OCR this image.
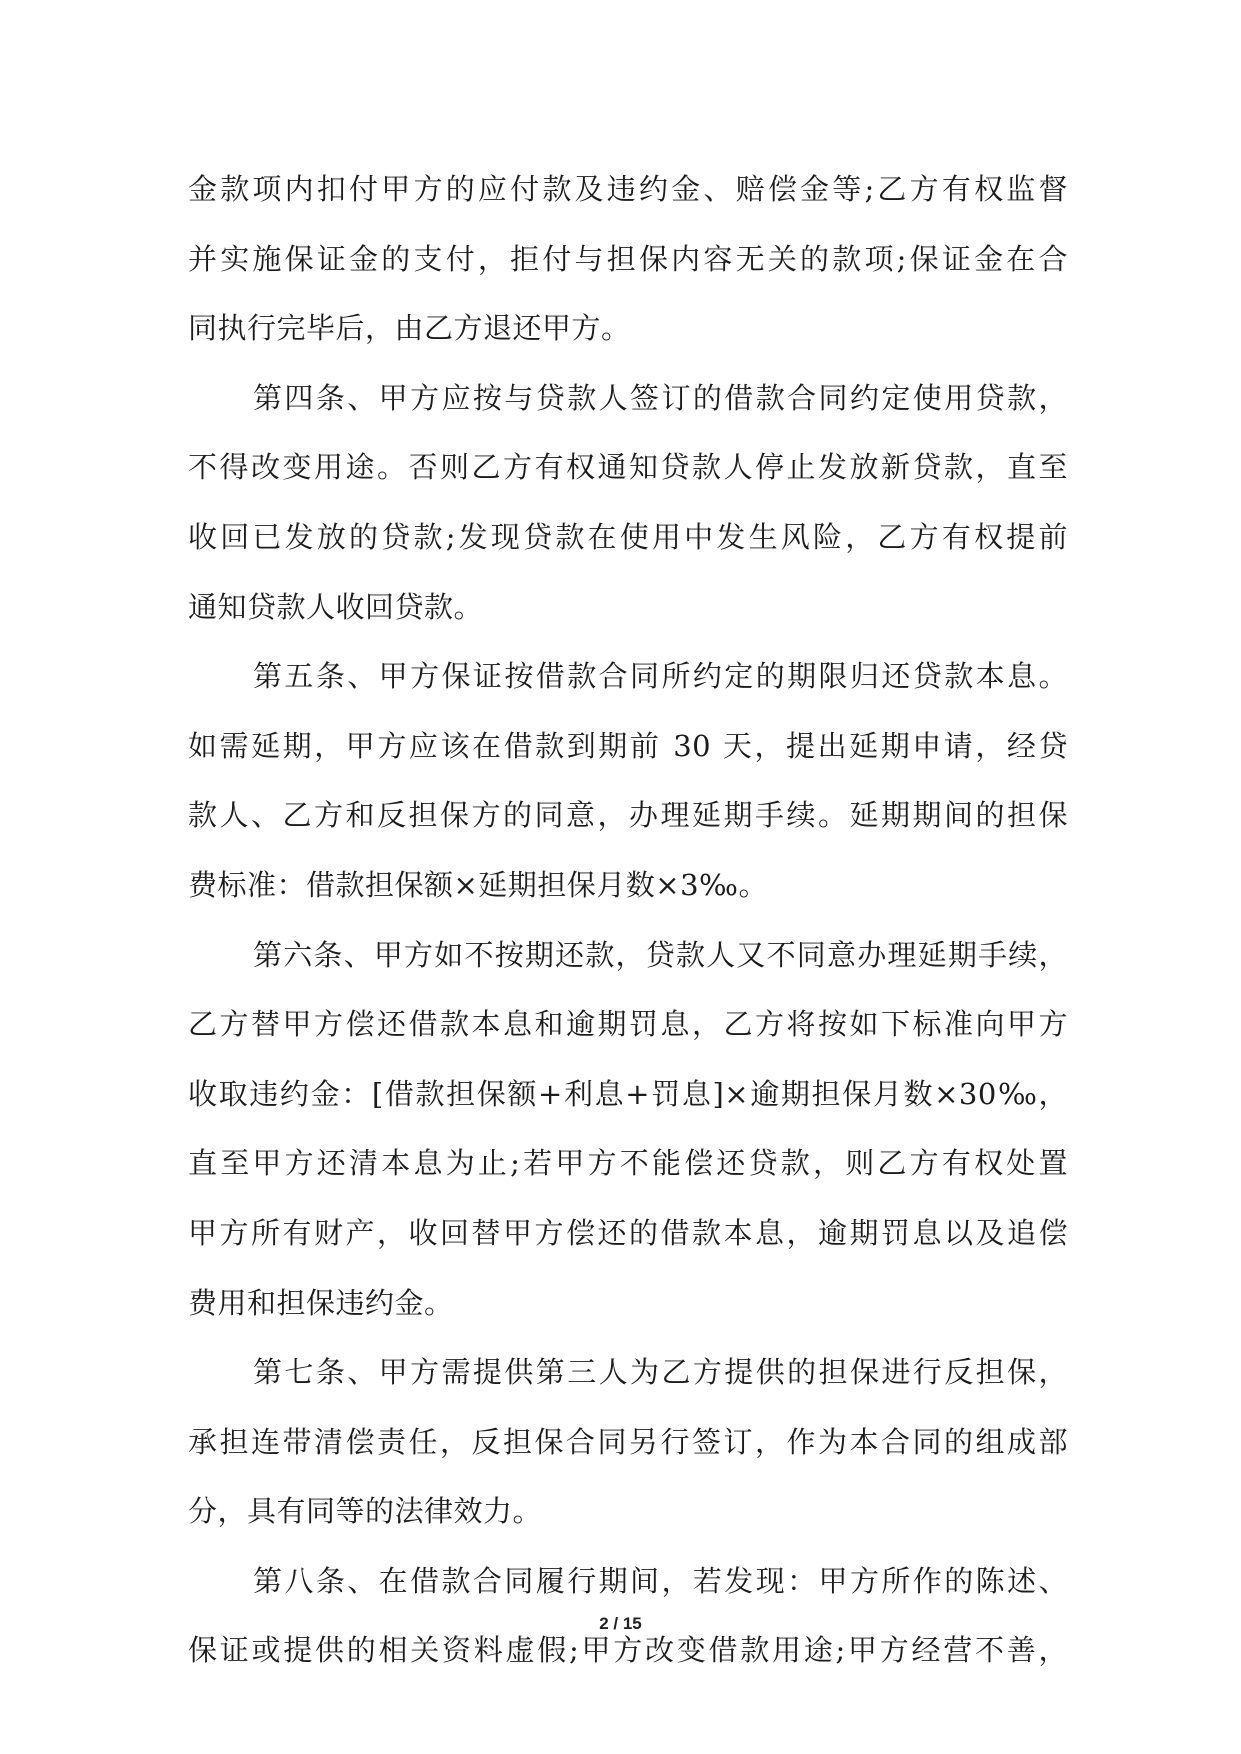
金款项内扣付甲方的应付款及违约金、赔偿金等;乙方有权监督
并实施保证金的支付，拒付与担保内容无关的款项;保证金在合
同执行完毕后，由乙方退还甲方。
第四条、甲方应按与贷款人签订的借款合同约定使用贷款，
不得改变用途。否则乙方有权通知贷款人停止发放新贷款，直至
收回已发放的贷款;发现贷款在使用中发生风险，乙方有权提前
通知贷款人收回贷款。
第五条、甲方保证按借款合同所约定的期限归还贷款本息。
如需延期，甲方应该在借款到期前 30 天，提出延期申请，经贷
款人、乙方和反担保方的同意，办理延期手续。延期期间的担保
费标准：借款担保额×延期担保月数×3‰。
第六条、甲方如不按期还款，贷款人又不同意办理延期手续，
乙方替甲方偿还借款本息和逾期罚息，乙方将按如下标准向甲方
收取违约金：[借款担保额+利息+罚息]×逾期担保月数×30‰，
直至甲方还清本息为止;若甲方不能偿还贷款，则乙方有权处置
甲方所有财产，收回替甲方偿还的借款本息，逾期罚息以及追偿
费用和担保违约金。
第七条、甲方需提供第三人为乙方提供的担保进行反担保，
承担连带清偿责任，反担保合同另行签订，作为本合同的组成部
分，具有同等的法律效力。
第八条、在借款合同履行期间，若发现：甲方所作的陈述、
保证或提供的相关资料虚假;甲方改变借款用途;甲方经营不善，
2 / 15
